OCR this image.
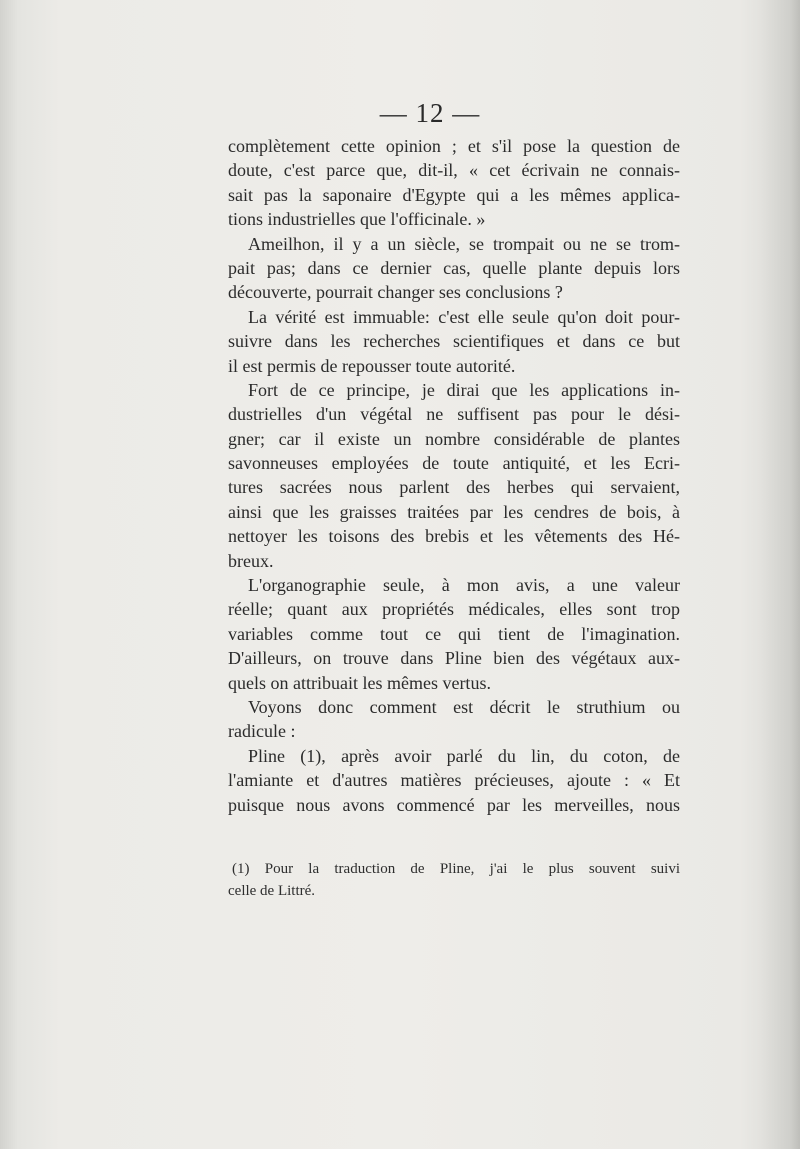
— 12 —
complètement cette opinion ; et s'il pose la question de
doute, c'est parce que, dit-il, « cet écrivain ne connais-
sait pas la saponaire d'Egypte qui a les mêmes applica-
tions industrielles que l'officinale. »
Ameilhon, il y a un siècle, se trompait ou ne se trom-
pait pas; dans ce dernier cas, quelle plante depuis lors
découverte, pourrait changer ses conclusions ?
La vérité est immuable: c'est elle seule qu'on doit pour-
suivre dans les recherches scientifiques et dans ce but
il est permis de repousser toute autorité.
Fort de ce principe, je dirai que les applications in-
dustrielles d'un végétal ne suffisent pas pour le dési-
gner; car il existe un nombre considérable de plantes
savonneuses employées de toute antiquité, et les Ecri-
tures sacrées nous parlent des herbes qui servaient,
ainsi que les graisses traitées par les cendres de bois, à
nettoyer les toisons des brebis et les vêtements des Hé-
breux.
L'organographie seule, à mon avis, a une valeur
réelle; quant aux propriétés médicales, elles sont trop
variables comme tout ce qui tient de l'imagination.
D'ailleurs, on trouve dans Pline bien des végétaux aux-
quels on attribuait les mêmes vertus.
Voyons donc comment est décrit le struthium ou
radicule :
Pline (1), après avoir parlé du lin, du coton, de
l'amiante et d'autres matières précieuses, ajoute : « Et
puisque nous avons commencé par les merveilles, nous
(1) Pour la traduction de Pline, j'ai le plus souvent suivi
celle de Littré.
